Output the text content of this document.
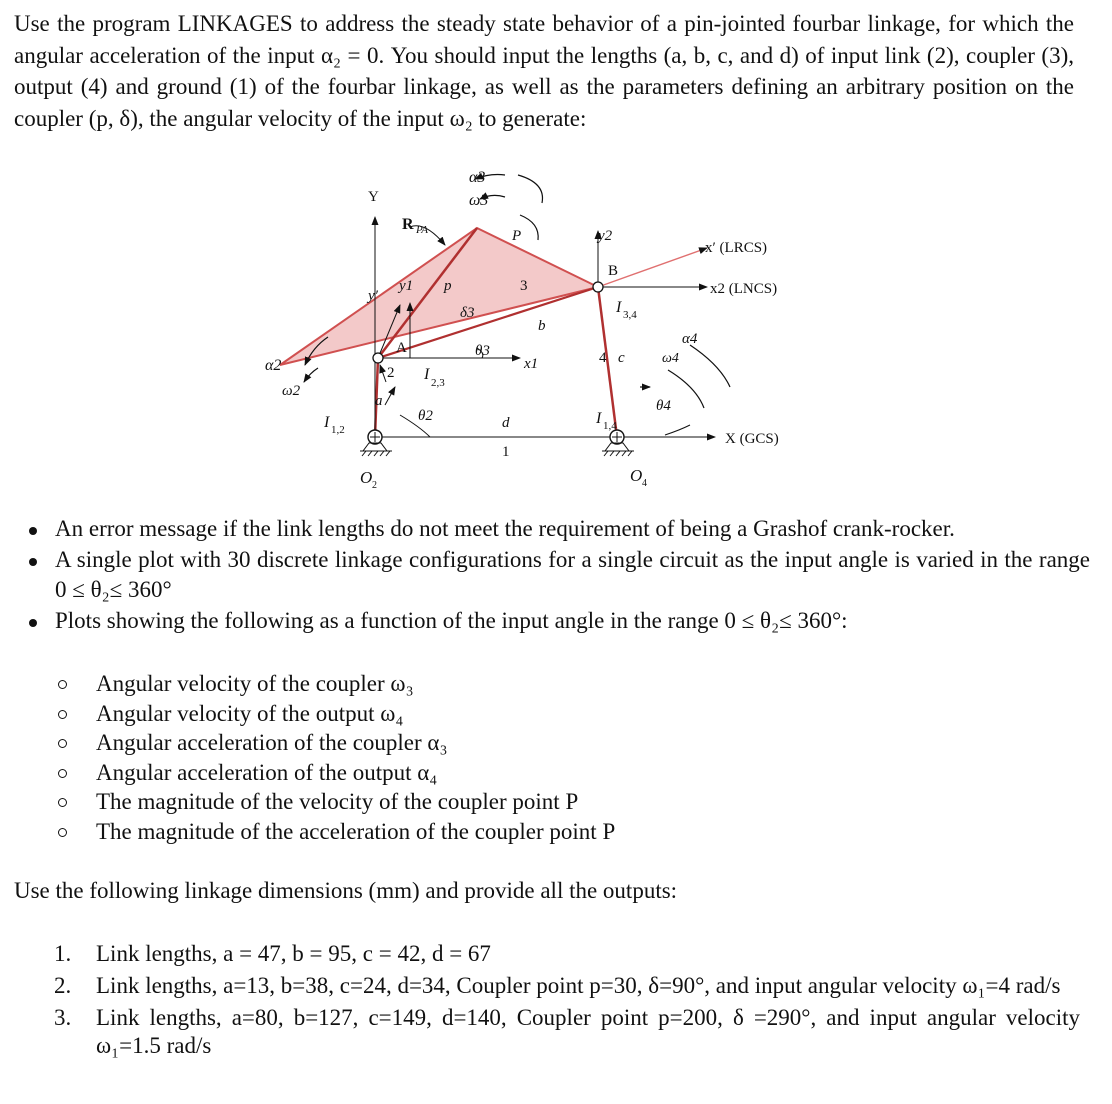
Use the program LINKAGES to address the steady state behavior of a pin-jointed fourbar linkage, for which the angular acceleration of the input α₂ = 0. You should input the lengths (a, b, c, and d) of input link (2), coupler (3), output (4) and ground (1) of the fourbar linkage, as well as the parameters defining an arbitrary position on the coupler (p, δ), the angular velocity of the input ω₂ to generate:

α3
ω3
Y
R PA	P	y2
x′ (LRCS)
B
x2 (LNCS)
y′
y1 p	3
I 3,4
δ3
b
α4
A	θ3
x1	4 c	ω4
α2	2 I 2,3
ω2
a	θ4
I 1,2
θ2	d	I 1,4
X (GCS)
1
O 2
O 4
An error message if the link lengths do not meet the requirement of being a Grashof crank-rocker.
A single plot with 30 discrete linkage configurations for a single circuit as the input angle is varied in the range 0 ≤ θ₂≤ 360°
Plots showing the following as a function of the input angle in the range 0 ≤ θ₂≤ 360°:
Angular velocity of the coupler ω₃
Angular velocity of the output ω₄
Angular acceleration of the coupler α₃
Angular acceleration of the output α₄
The magnitude of the velocity of the coupler point P
The magnitude of the acceleration of the coupler point P

Use the following linkage dimensions (mm) and provide all the outputs:

1. Link lengths, a = 47, b = 95, c = 42, d = 67
2. Link lengths, a=13, b=38, c=24, d=34, Coupler point p=30, δ=90°, and input angular velocity ω₁=4 rad/s
3. Link lengths, a=80, b=127, c=149, d=140, Coupler point p=200, δ =290°, and input angular velocity ω₁=1.5 rad/s
